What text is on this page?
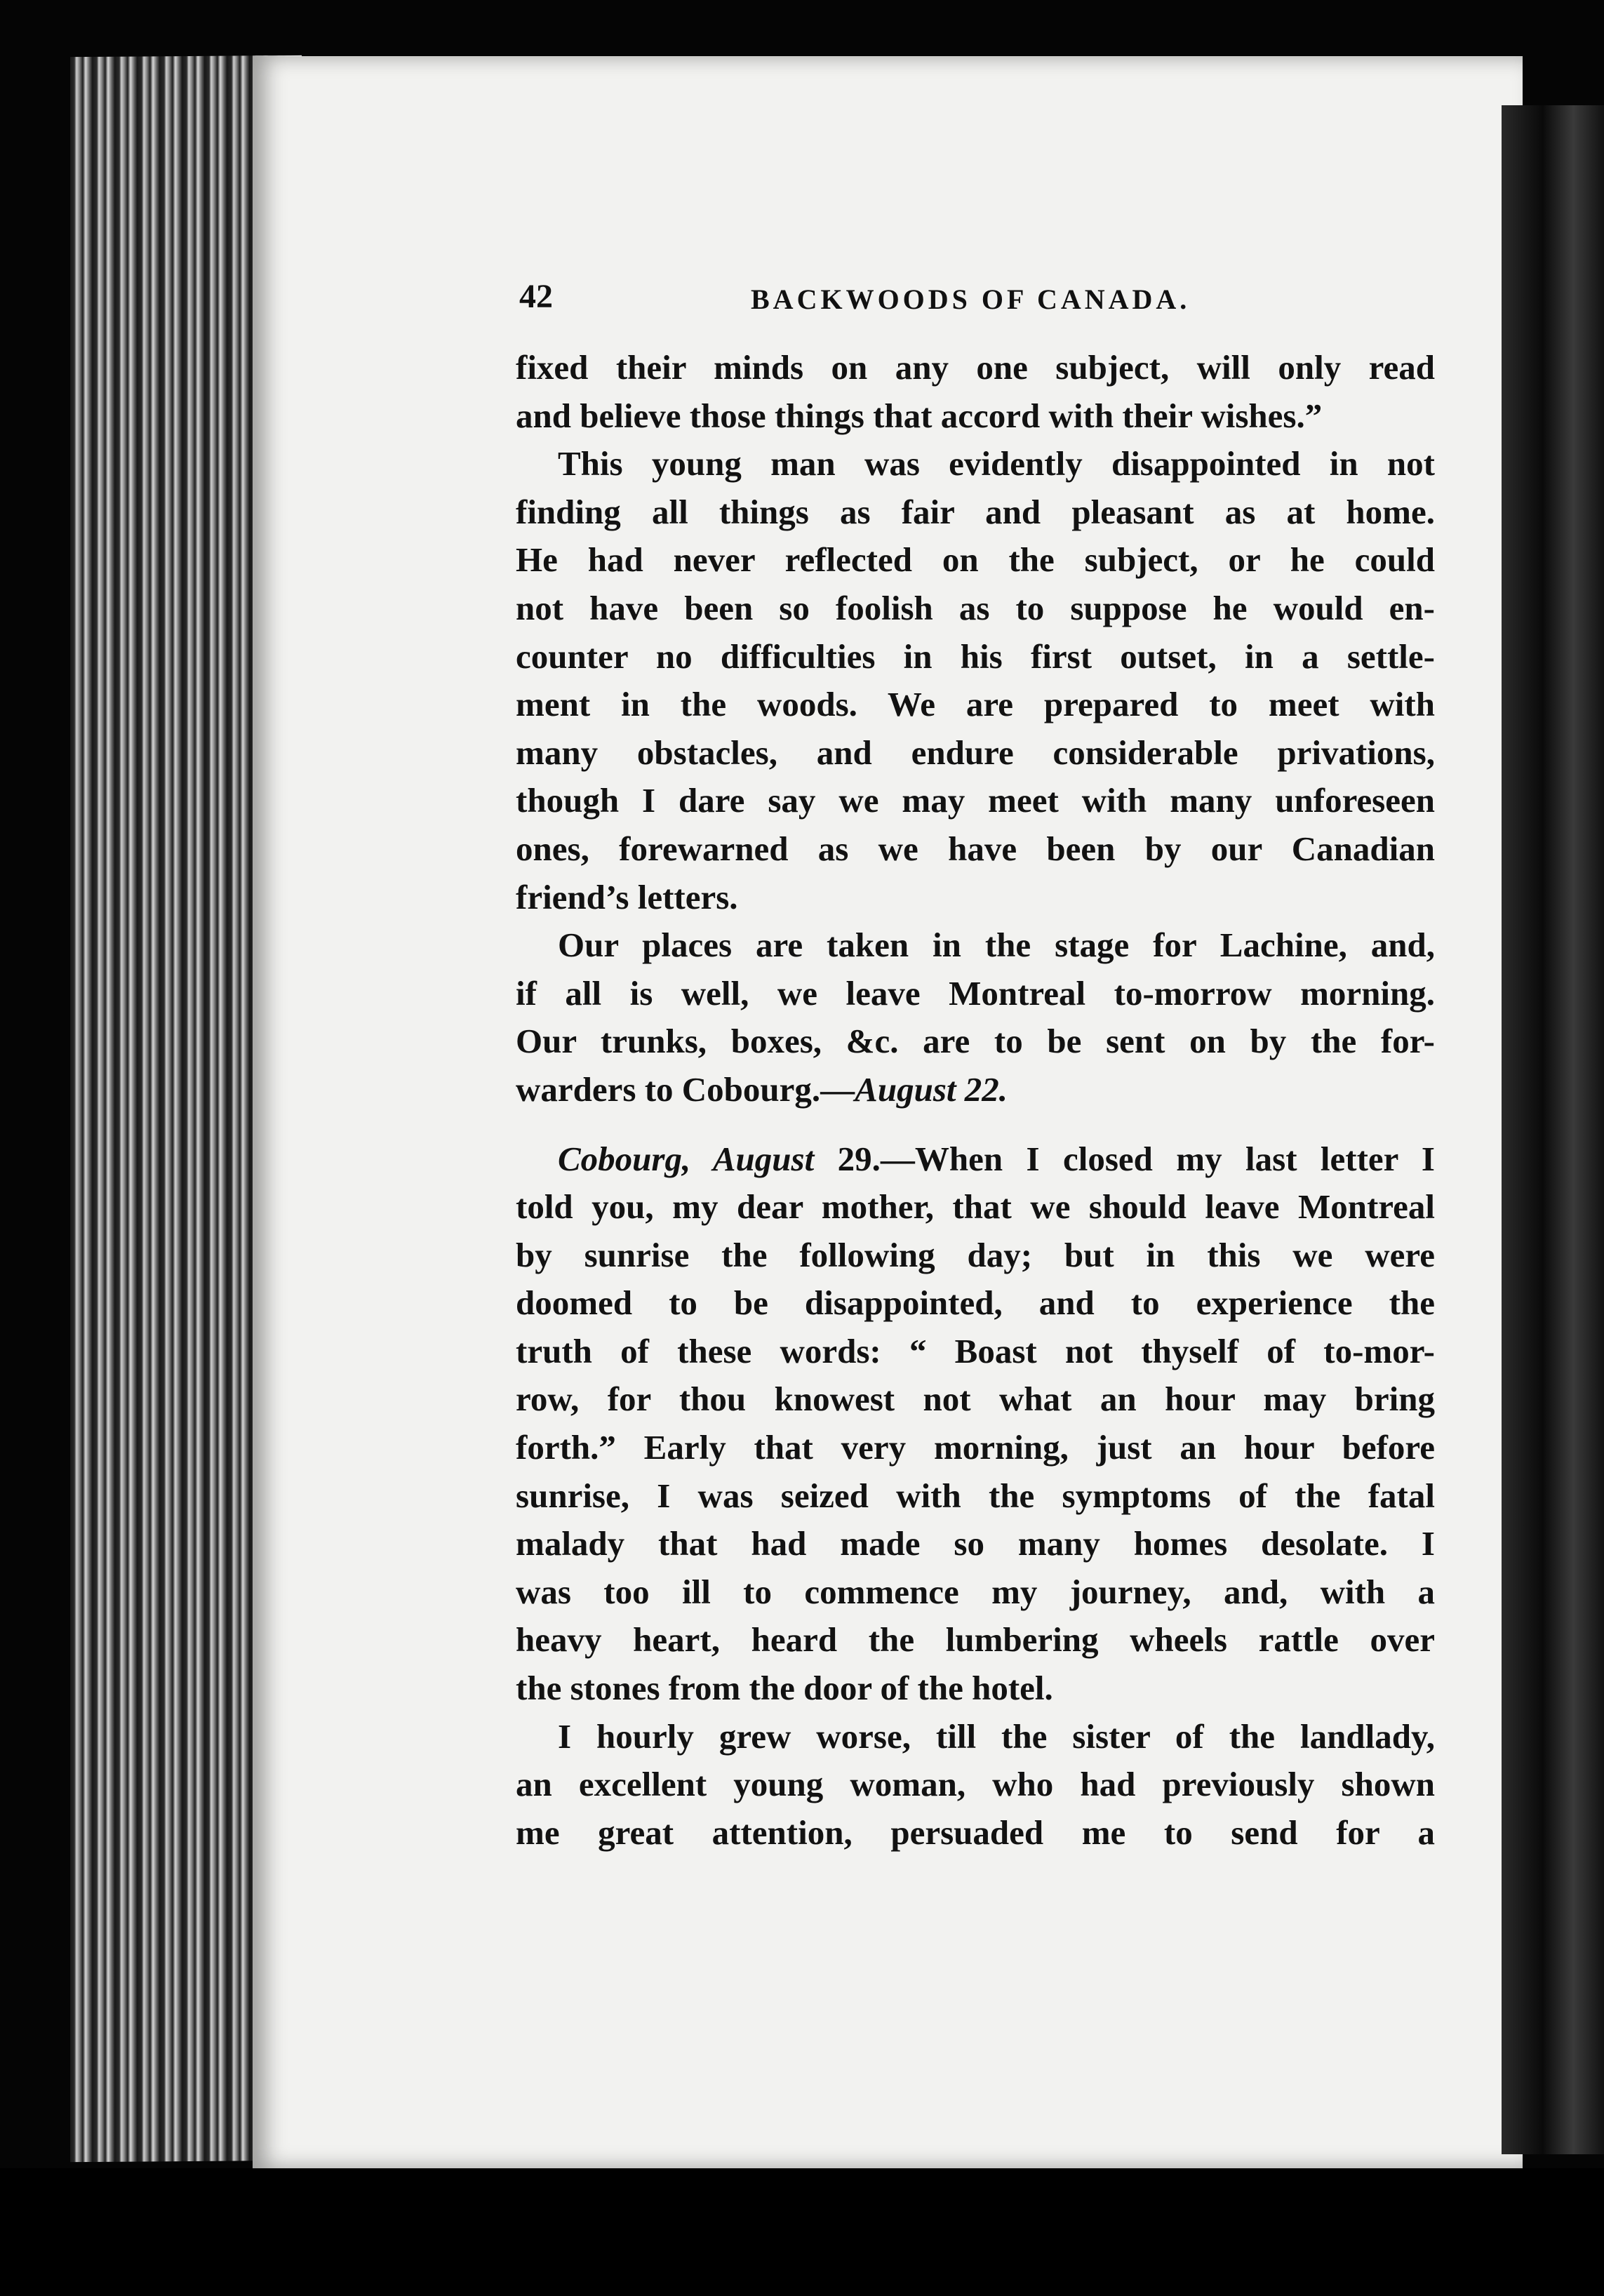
42	BACKWOODS OF CANADA.
fixed their minds on any one subject, will only read
and believe those things that accord with their wishes.”
This young man was evidently disappointed in not
finding all things as fair and pleasant as at home.
He had never reflected on the subject, or he could
not have been so foolish as to suppose he would en-
counter no difficulties in his first outset, in a settle-
ment in the woods. We are prepared to meet with
many obstacles, and endure considerable privations,
though I dare say we may meet with many unforeseen
ones, forewarned as we have been by our Canadian
friend’s letters.
Our places are taken in the stage for Lachine, and,
if all is well, we leave Montreal to-morrow morning.
Our trunks, boxes, &c. are to be sent on by the for-
warders to Cobourg.—August 22.
Cobourg, August 29.—When I closed my last letter I
told you, my dear mother, that we should leave Montreal
by sunrise the following day; but in this we were
doomed to be disappointed, and to experience the
truth of these words: “ Boast not thyself of to-mor-
row, for thou knowest not what an hour may bring
forth.” Early that very morning, just an hour before
sunrise, I was seized with the symptoms of the fatal
malady that had made so many homes desolate. I
was too ill to commence my journey, and, with a
heavy heart, heard the lumbering wheels rattle over
the stones from the door of the hotel.
I hourly grew worse, till the sister of the landlady,
an excellent young woman, who had previously shown
me great attention, persuaded me to send for a
